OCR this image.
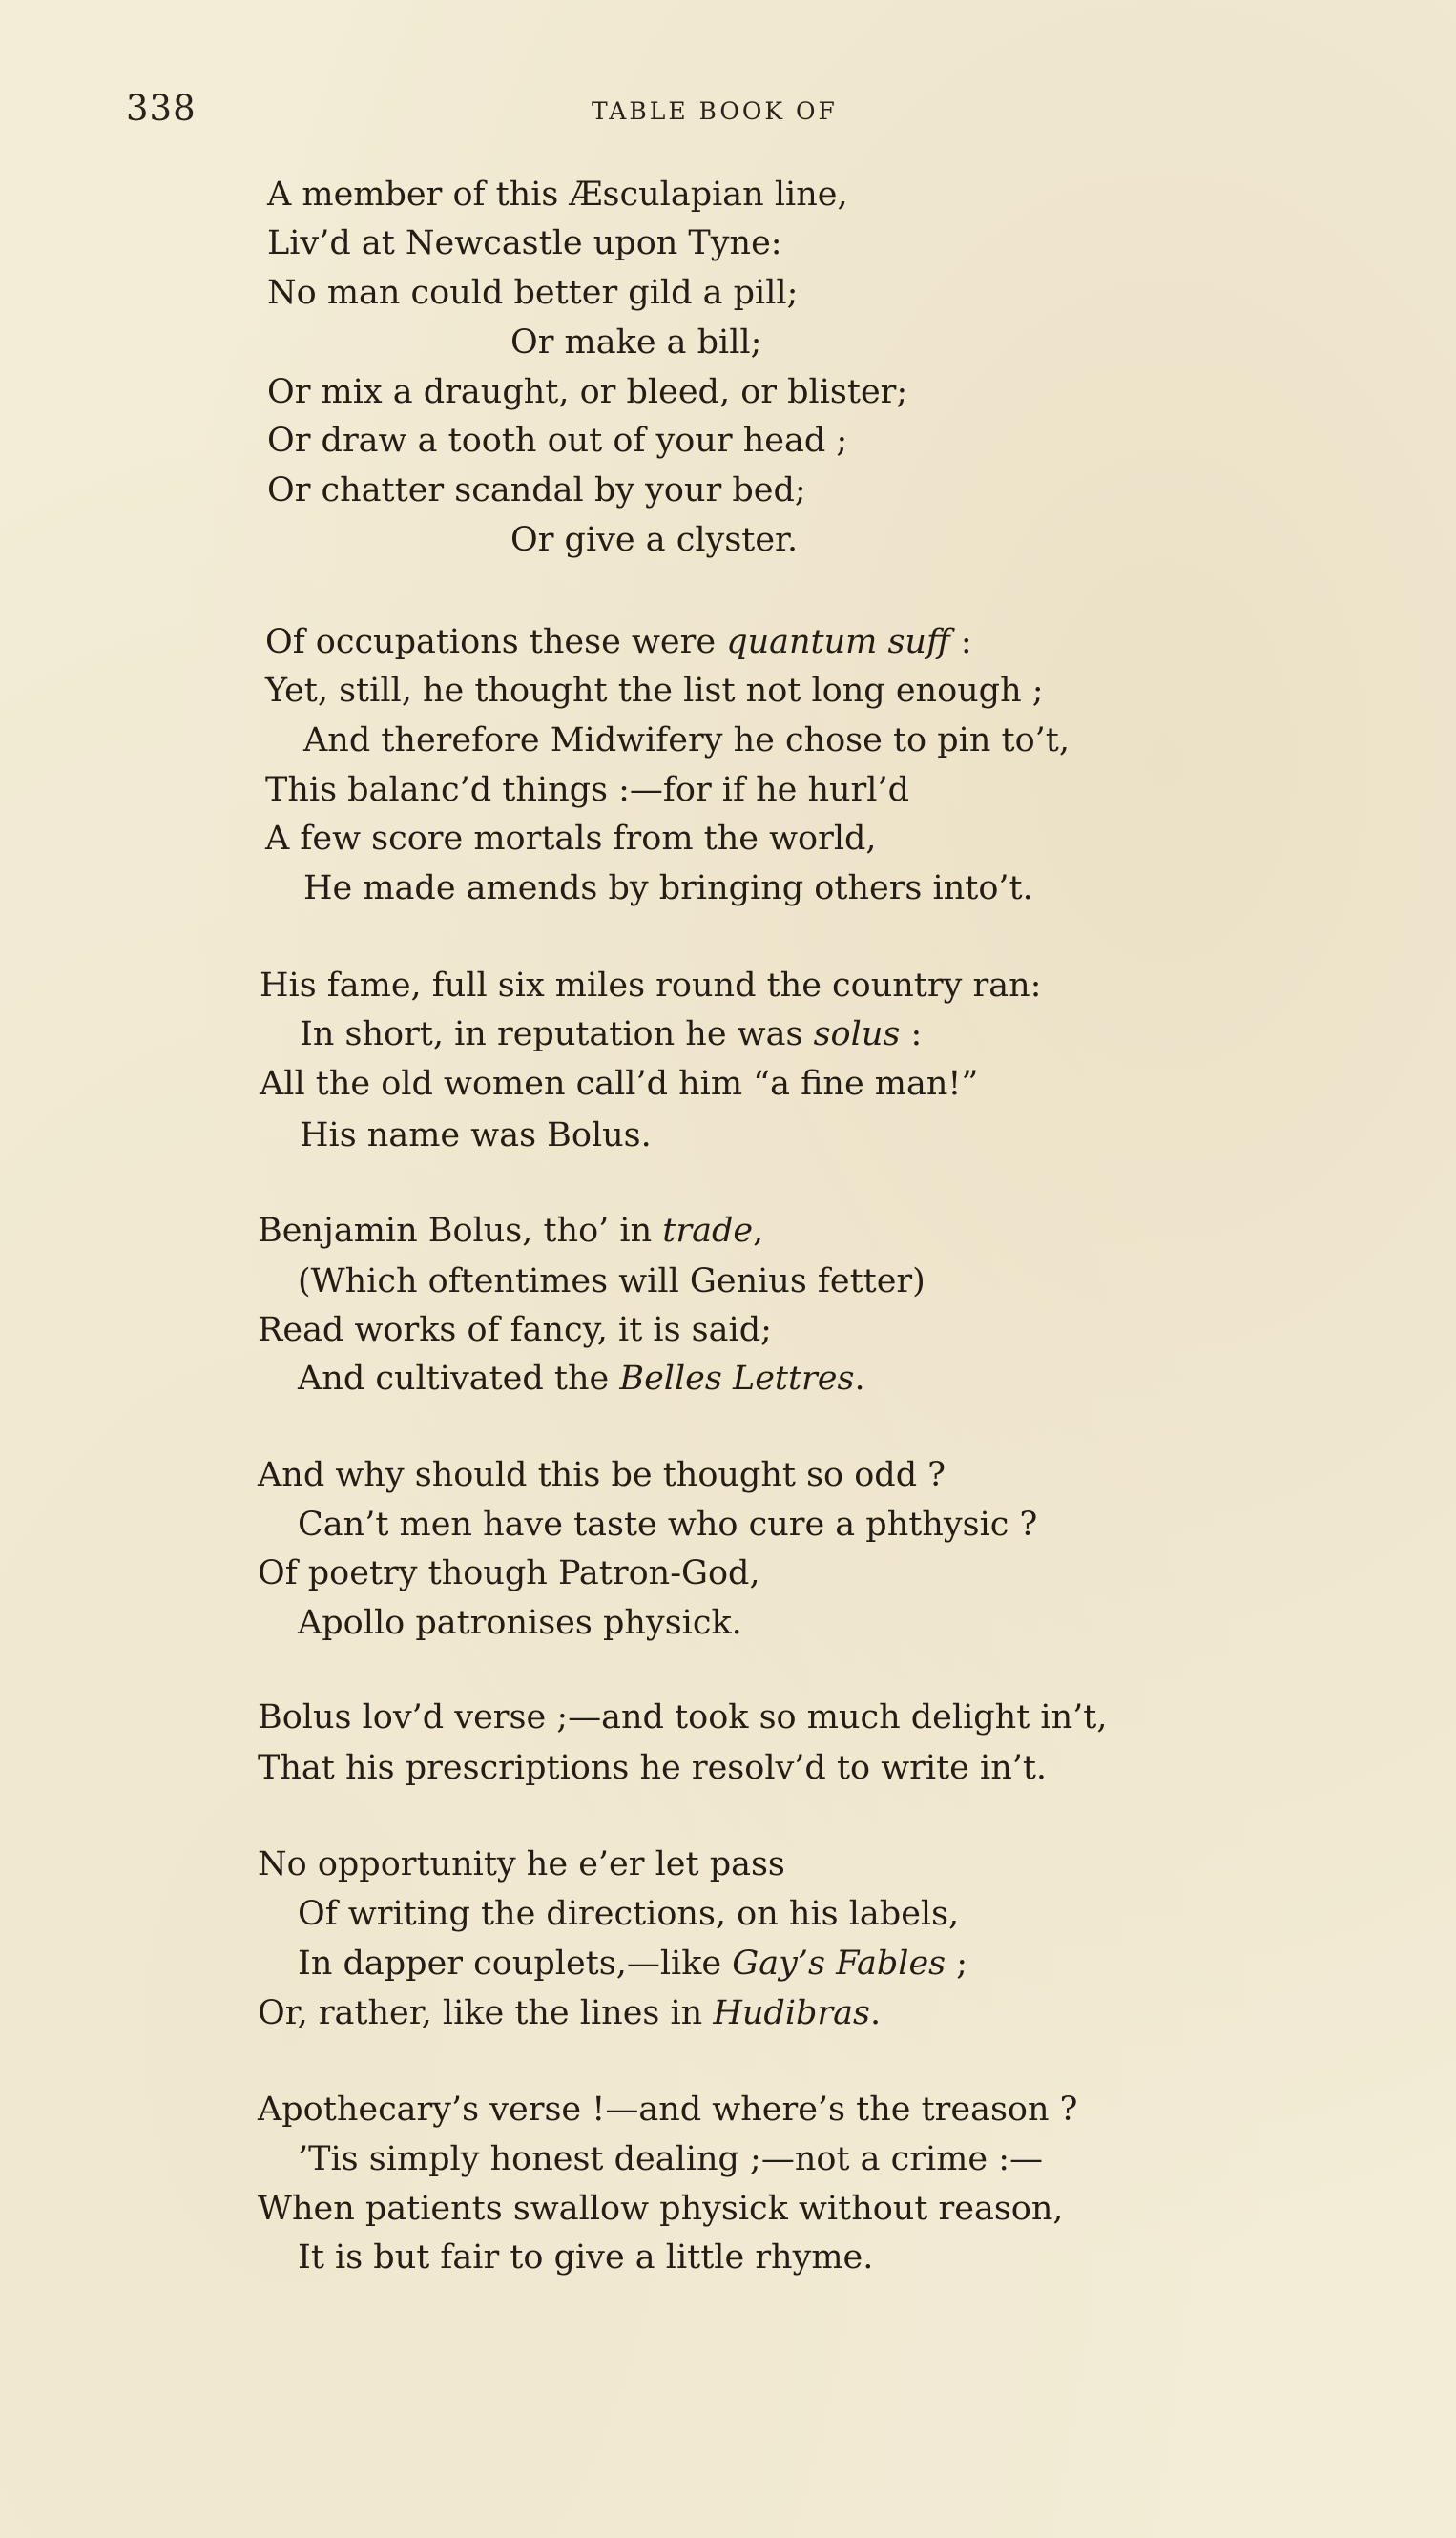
338	TABLE BOOK OF
A member of this Æsculapian line,
Liv’d at Newcastle upon Tyne:
No man could better gild a pill;
Or make a bill;
Or mix a draught, or bleed, or blister;
Or draw a tooth out of your head ;
Or chatter scandal by your bed;
Or give a clyster.
Of occupations these were quantum suff :
Yet, still, he thought the list not long enough ;
And therefore Midwifery he chose to pin to’t,
This balanc’d things :—for if he hurl’d
A few score mortals from the world,
He made amends by bringing others into’t.
His fame, full six miles round the country ran:
In short, in reputation he was solus :
All the old women call’d him “a fine man!”
His name was Bolus.
Benjamin Bolus, tho’ in trade,
(Which oftentimes will Genius fetter)
Read works of fancy, it is said;
And cultivated the Belles Lettres.
And why should this be thought so odd ?
Can’t men have taste who cure a phthysic ?
Of poetry though Patron-God,
Apollo patronises physick.
Bolus lov’d verse ;—and took so much delight in’t,
That his prescriptions he resolv’d to write in’t.
No opportunity he e’er let pass
Of writing the directions, on his labels,
In dapper couplets,—like Gay’s Fables ;
Or, rather, like the lines in Hudibras.
Apothecary’s verse !—and where’s the treason ?
’Tis simply honest dealing ;—not a crime :—
When patients swallow physick without reason,
It is but fair to give a little rhyme.
